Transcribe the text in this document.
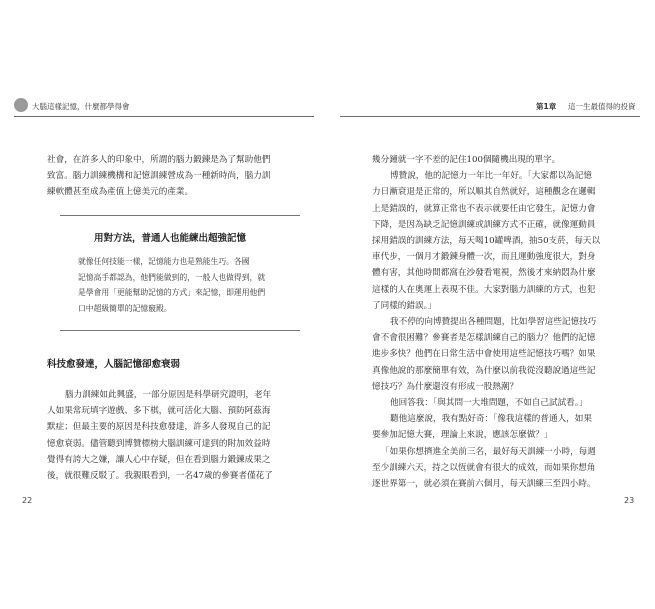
大腦這樣記憶，什麼都學得會	第1章 這一生最值得的投資
社會，在許多人的印象中，所謂的腦力鍛鍊是為了幫助他們
致富。腦力訓練機構和記憶訓練營成為一種新時尚，腦力訓
練軟體甚至成為產值上億美元的產業。
用對方法，普通人也能練出超強記憶
就像任何技能一樣，記憶能力也是熟能生巧。各國
記憶高手都認為，他們能做到的，一般人也做得到，就
是學會用「更能幫助記憶的方式」來記憶，即運用他們
口中超級簡單的記憶竅殿。
科技愈發達，人腦記憶卻愈衰弱
腦力訓練如此興盛，一部分原因是科學研究證明，老年
人如果常玩填字遊戲、多下棋，就可活化大腦、預防阿茲海
默症；但最主要的原因是科技愈發達，許多人發現自己的記
憶愈衰弱。儘管聽到博贊標榜大腦訓練可達到的附加效益時
覺得有誇大之嫌，讓人心中存疑，但在看到腦力鍛鍊成果之
後，就很難反駁了。我親眼看到，一名47歲的參賽者僅花了
22
幾分鐘就一字不差的記住100個隨機出現的單字。
博贊說，他的記憶力一年比一年好。「大家都以為記憶
力日漸衰退是正常的，所以順其自然就好，這種觀念在邏輯
上是錯誤的，就算正常也不表示就要任由它發生，記憶力會
下降，是因為缺乏記憶訓練或訓練方式不正確，就像運動員
採用錯誤的訓練方法，每天喝10罐啤酒，抽50支菸，每天以
車代步，一個月才鍛鍊身體一次，而且運動強度很大，對身
體有害，其他時間都窩在沙發看電視，然後才來納悶為什麼
這樣的人在奧運上表現不佳。大家對腦力訓練的方式，也犯
了同樣的錯誤。」
我不停的向博贊提出各種問題，比如學習這些記憶技巧
會不會很困難？參賽者是怎樣訓練自己的腦力？他們的記憶
進步多快？他們在日常生活中會使用這些記憶技巧嗎？如果
真像他說的那麼簡單有效，為什麼以前我從沒聽說過這些記
憶技巧？為什麼還沒有形成一股熱潮？
他回答我：「與其問一大堆問題，不如自己試試看。」
聽他這麼說，我有點好奇：「像我這樣的普通人，如果
要參加記憶大賽，理論上來說，應該怎麼做？」
「如果你想擠進全美前三名，最好每天訓練一小時，每週
至少訓練六天，持之以恆就會有很大的成效，而如果你想角
逐世界第一，就必須在賽前六個月，每天訓練三至四小時。
23
